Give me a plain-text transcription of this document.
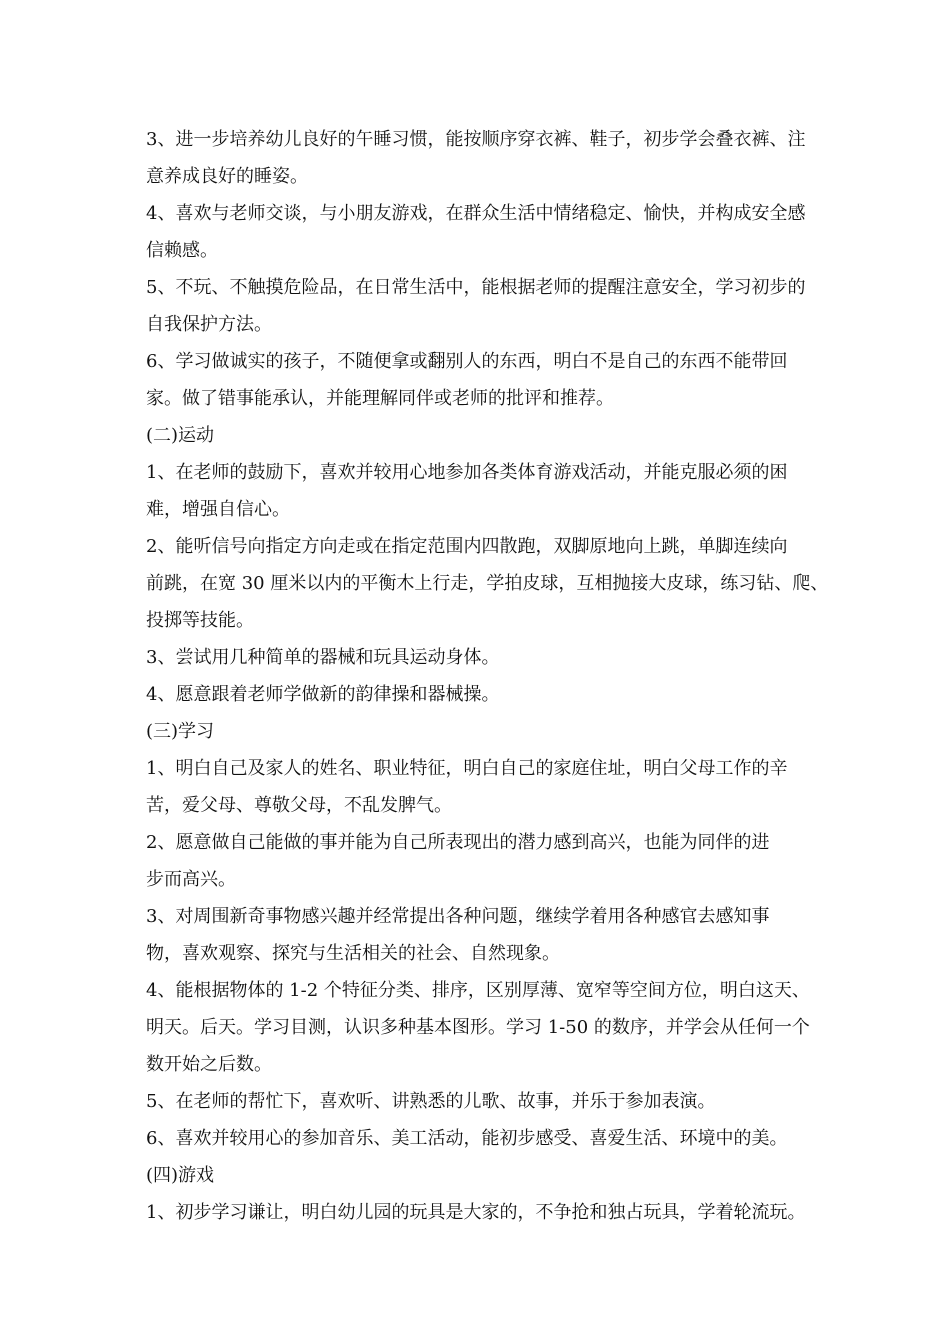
3、进一步培养幼儿良好的午睡习惯，能按顺序穿衣裤、鞋子，初步学会叠衣裤、注
意养成良好的睡姿。
4、喜欢与老师交谈，与小朋友游戏，在群众生活中情绪稳定、愉快，并构成安全感
信赖感。
5、不玩、不触摸危险品，在日常生活中，能根据老师的提醒注意安全，学习初步的
自我保护方法。
6、学习做诚实的孩子，不随便拿或翻别人的东西，明白不是自己的东西不能带回
家。做了错事能承认，并能理解同伴或老师的批评和推荐。
(二)运动
1、在老师的鼓励下，喜欢并较用心地参加各类体育游戏活动，并能克服必须的困
难，增强自信心。
2、能听信号向指定方向走或在指定范围内四散跑，双脚原地向上跳，单脚连续向
前跳，在宽 30 厘米以内的平衡木上行走，学拍皮球，互相抛接大皮球，练习钻、爬、
投掷等技能。
3、尝试用几种简单的器械和玩具运动身体。
4、愿意跟着老师学做新的韵律操和器械操。
(三)学习
1、明白自己及家人的姓名、职业特征，明白自己的家庭住址，明白父母工作的辛
苦，爱父母、尊敬父母，不乱发脾气。
2、愿意做自己能做的事并能为自己所表现出的潜力感到高兴，也能为同伴的进
步而高兴。
3、对周围新奇事物感兴趣并经常提出各种问题，继续学着用各种感官去感知事
物，喜欢观察、探究与生活相关的社会、自然现象。
4、能根据物体的 1-2 个特征分类、排序，区别厚薄、宽窄等空间方位，明白这天、
明天。后天。学习目测，认识多种基本图形。学习 1-50 的数序，并学会从任何一个
数开始之后数。
5、在老师的帮忙下，喜欢听、讲熟悉的儿歌、故事，并乐于参加表演。
6、喜欢并较用心的参加音乐、美工活动，能初步感受、喜爱生活、环境中的美。
(四)游戏
1、初步学习谦让，明白幼儿园的玩具是大家的，不争抢和独占玩具，学着轮流玩。
